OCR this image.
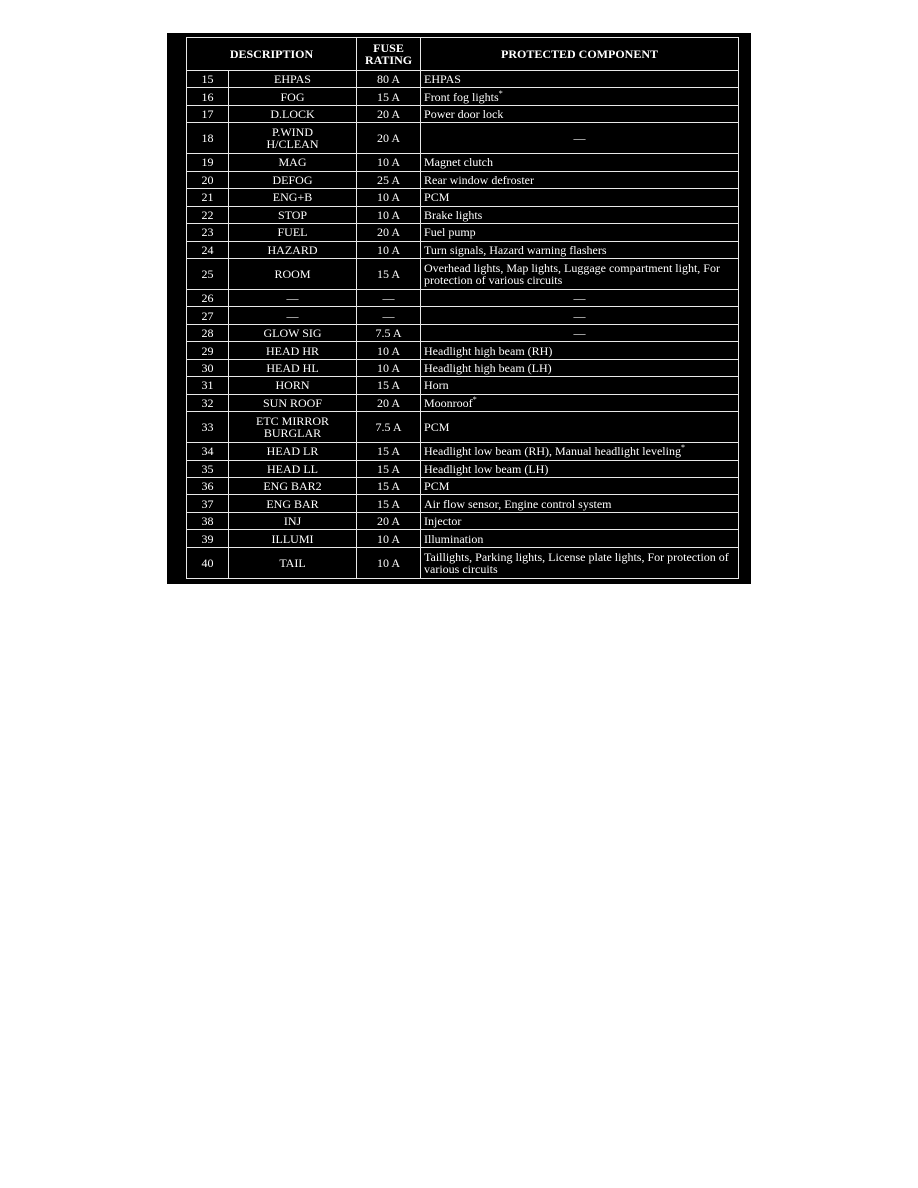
DESCRIPTION		FUSE
RATING	PROTECTED COMPONENT
15	EHPAS	80 A	EHPAS
16	FOG	15 A	Front fog lights*
17	D.LOCK	20 A	Power door lock
18	P.WIND
H/CLEAN	20 A	—
19	MAG	10 A	Magnet clutch
20	DEFOG	25 A	Rear window defroster
21	ENG+B	10 A	PCM
22	STOP	10 A	Brake lights
23	FUEL	20 A	Fuel pump
24	HAZARD	10 A	Turn signals, Hazard warning flashers
25	ROOM	15 A	Overhead lights, Map lights, Luggage compartment light, For protection of various circuits
26	—	—	—
27	—	—	—
28	GLOW SIG	7.5 A	—
29	HEAD HR	10 A	Headlight high beam (RH)
30	HEAD HL	10 A	Headlight high beam (LH)
31	HORN	15 A	Horn
32	SUN ROOF	20 A	Moonroof*
33	ETC MIRROR
BURGLAR	7.5 A	PCM
34	HEAD LR	15 A	Headlight low beam (RH), Manual headlight leveling*
35	HEAD LL	15 A	Headlight low beam (LH)
36	ENG BAR2	15 A	PCM
37	ENG BAR	15 A	Air flow sensor, Engine control system
38	INJ	20 A	Injector
39	ILLUMI	10 A	Illumination
40	TAIL	10 A	Taillights, Parking lights, License plate lights, For protection of various circuits
